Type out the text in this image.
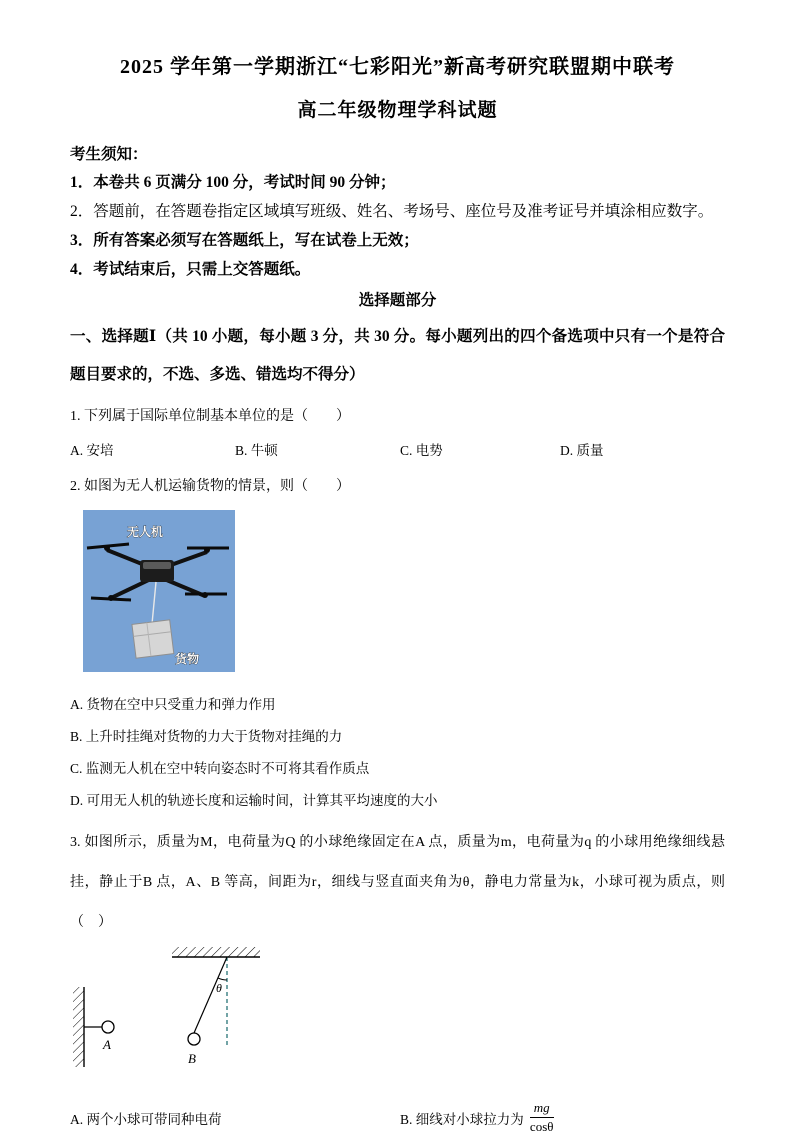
2025 学年第一学期浙江“七彩阳光”新高考研究联盟期中联考
高二年级物理学科试题
考生须知：
1．本卷共 6 页满分 100 分，考试时间 90 分钟；
2．答题前，在答题卷指定区域填写班级、姓名、考场号、座位号及准考证号并填涂相应数字。
3．所有答案必须写在答题纸上，写在试卷上无效；
4．考试结束后，只需上交答题纸。
选择题部分
一、选择题Ⅰ（共 10 小题，每小题 3 分，共 30 分。每小题列出的四个备选项中只有一个是符合题目要求的，不选、多选、错选均不得分）
1. 下列属于国际单位制基本单位的是（　　）
A. 安培	B. 牛顿	C. 电势	D. 质量
2. 如图为无人机运输货物的情景，则（　　）
无人机
货物
A. 货物在空中只受重力和弹力作用
B. 上升时挂绳对货物的力大于货物对挂绳的力
C. 监测无人机在空中转向姿态时不可将其看作质点
D. 可用无人机的轨迹长度和运输时间，计算其平均速度的大小
3. 如图所示，质量为M，电荷量为Q 的小球绝缘固定在A 点，质量为m，电荷量为q 的小球用绝缘细线悬挂，静止于B 点，A、B 等高，间距为r，细线与竖直面夹角为θ，静电力常量为k，小球可视为质点，则（　）
A
θ
B
A. 两个小球可带同种电荷	B. 细线对小球拉力为 $\frac{mg}{\cos\theta}$
